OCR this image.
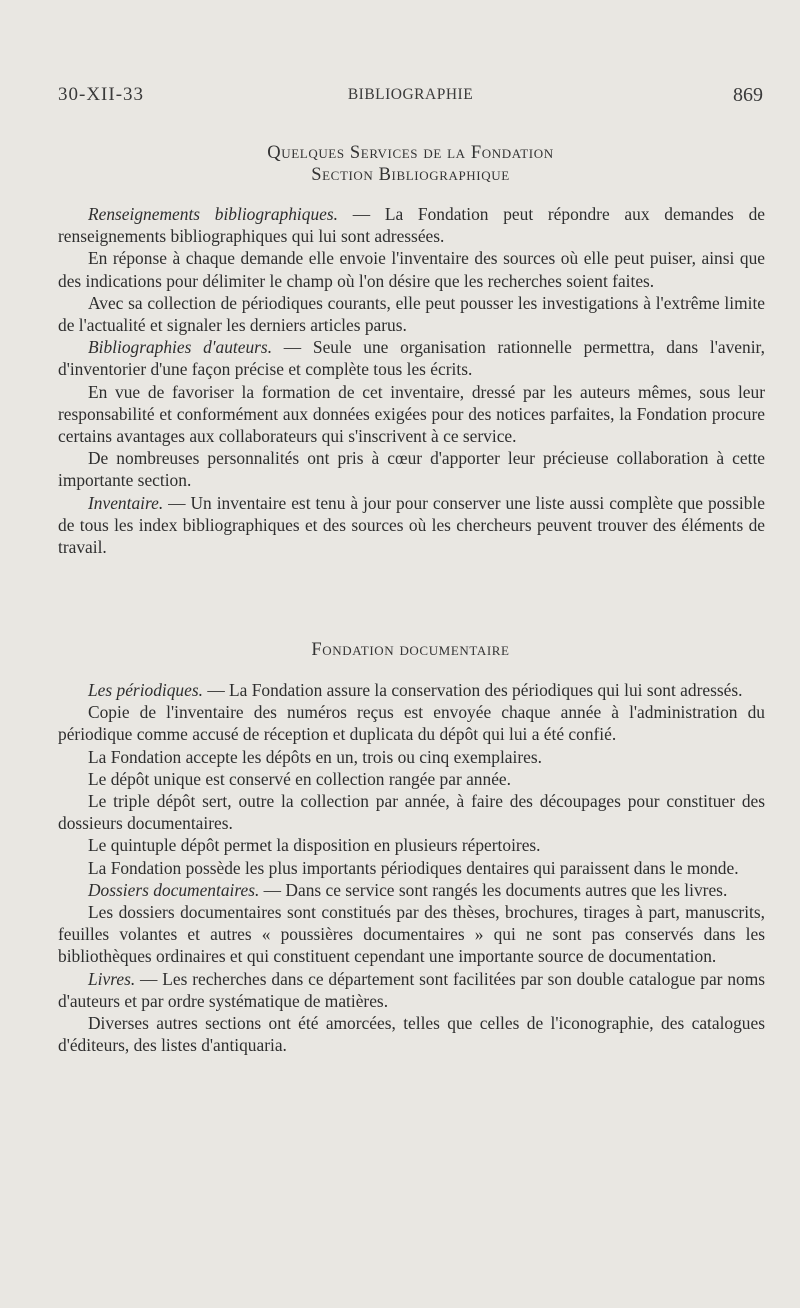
30-XII-33	BIBLIOGRAPHIE	869
Quelques Services de la Fondation
Section Bibliographique

Renseignements bibliographiques. — La Fondation peut répondre aux demandes de renseignements bibliographiques qui lui sont adressées.

En réponse à chaque demande elle envoie l'inventaire des sources où elle peut puiser, ainsi que des indications pour délimiter le champ où l'on désire que les recherches soient faites.

Avec sa collection de périodiques courants, elle peut pousser les investigations à l'extrême limite de l'actualité et signaler les derniers articles parus.

Bibliographies d'auteurs. — Seule une organisation rationnelle permettra, dans l'avenir, d'inventorier d'une façon précise et complète tous les écrits.

En vue de favoriser la formation de cet inventaire, dressé par les auteurs mêmes, sous leur responsabilité et conformément aux données exigées pour des notices parfaites, la Fondation procure certains avantages aux collaborateurs qui s'inscrivent à ce service.

De nombreuses personnalités ont pris à cœur d'apporter leur précieuse collaboration à cette importante section.

Inventaire. — Un inventaire est tenu à jour pour conserver une liste aussi complète que possible de tous les index bibliographiques et des sources où les chercheurs peuvent trouver des éléments de travail.

Fondation documentaire

Les périodiques. — La Fondation assure la conservation des périodiques qui lui sont adressés.

Copie de l'inventaire des numéros reçus est envoyée chaque année à l'administration du périodique comme accusé de réception et duplicata du dépôt qui lui a été confié.

La Fondation accepte les dépôts en un, trois ou cinq exemplaires.

Le dépôt unique est conservé en collection rangée par année.

Le triple dépôt sert, outre la collection par année, à faire des découpages pour constituer des dossieurs documentaires.

Le quintuple dépôt permet la disposition en plusieurs répertoires.

La Fondation possède les plus importants périodiques dentaires qui paraissent dans le monde.

Dossiers documentaires. — Dans ce service sont rangés les documents autres que les livres.

Les dossiers documentaires sont constitués par des thèses, brochures, tirages à part, manuscrits, feuilles volantes et autres « poussières documentaires » qui ne sont pas conservés dans les bibliothèques ordinaires et qui constituent cependant une importante source de documentation.

Livres. — Les recherches dans ce département sont facilitées par son double catalogue par noms d'auteurs et par ordre systématique de matières.

Diverses autres sections ont été amorcées, telles que celles de l'iconographie, des catalogues d'éditeurs, des listes d'antiquaria.
